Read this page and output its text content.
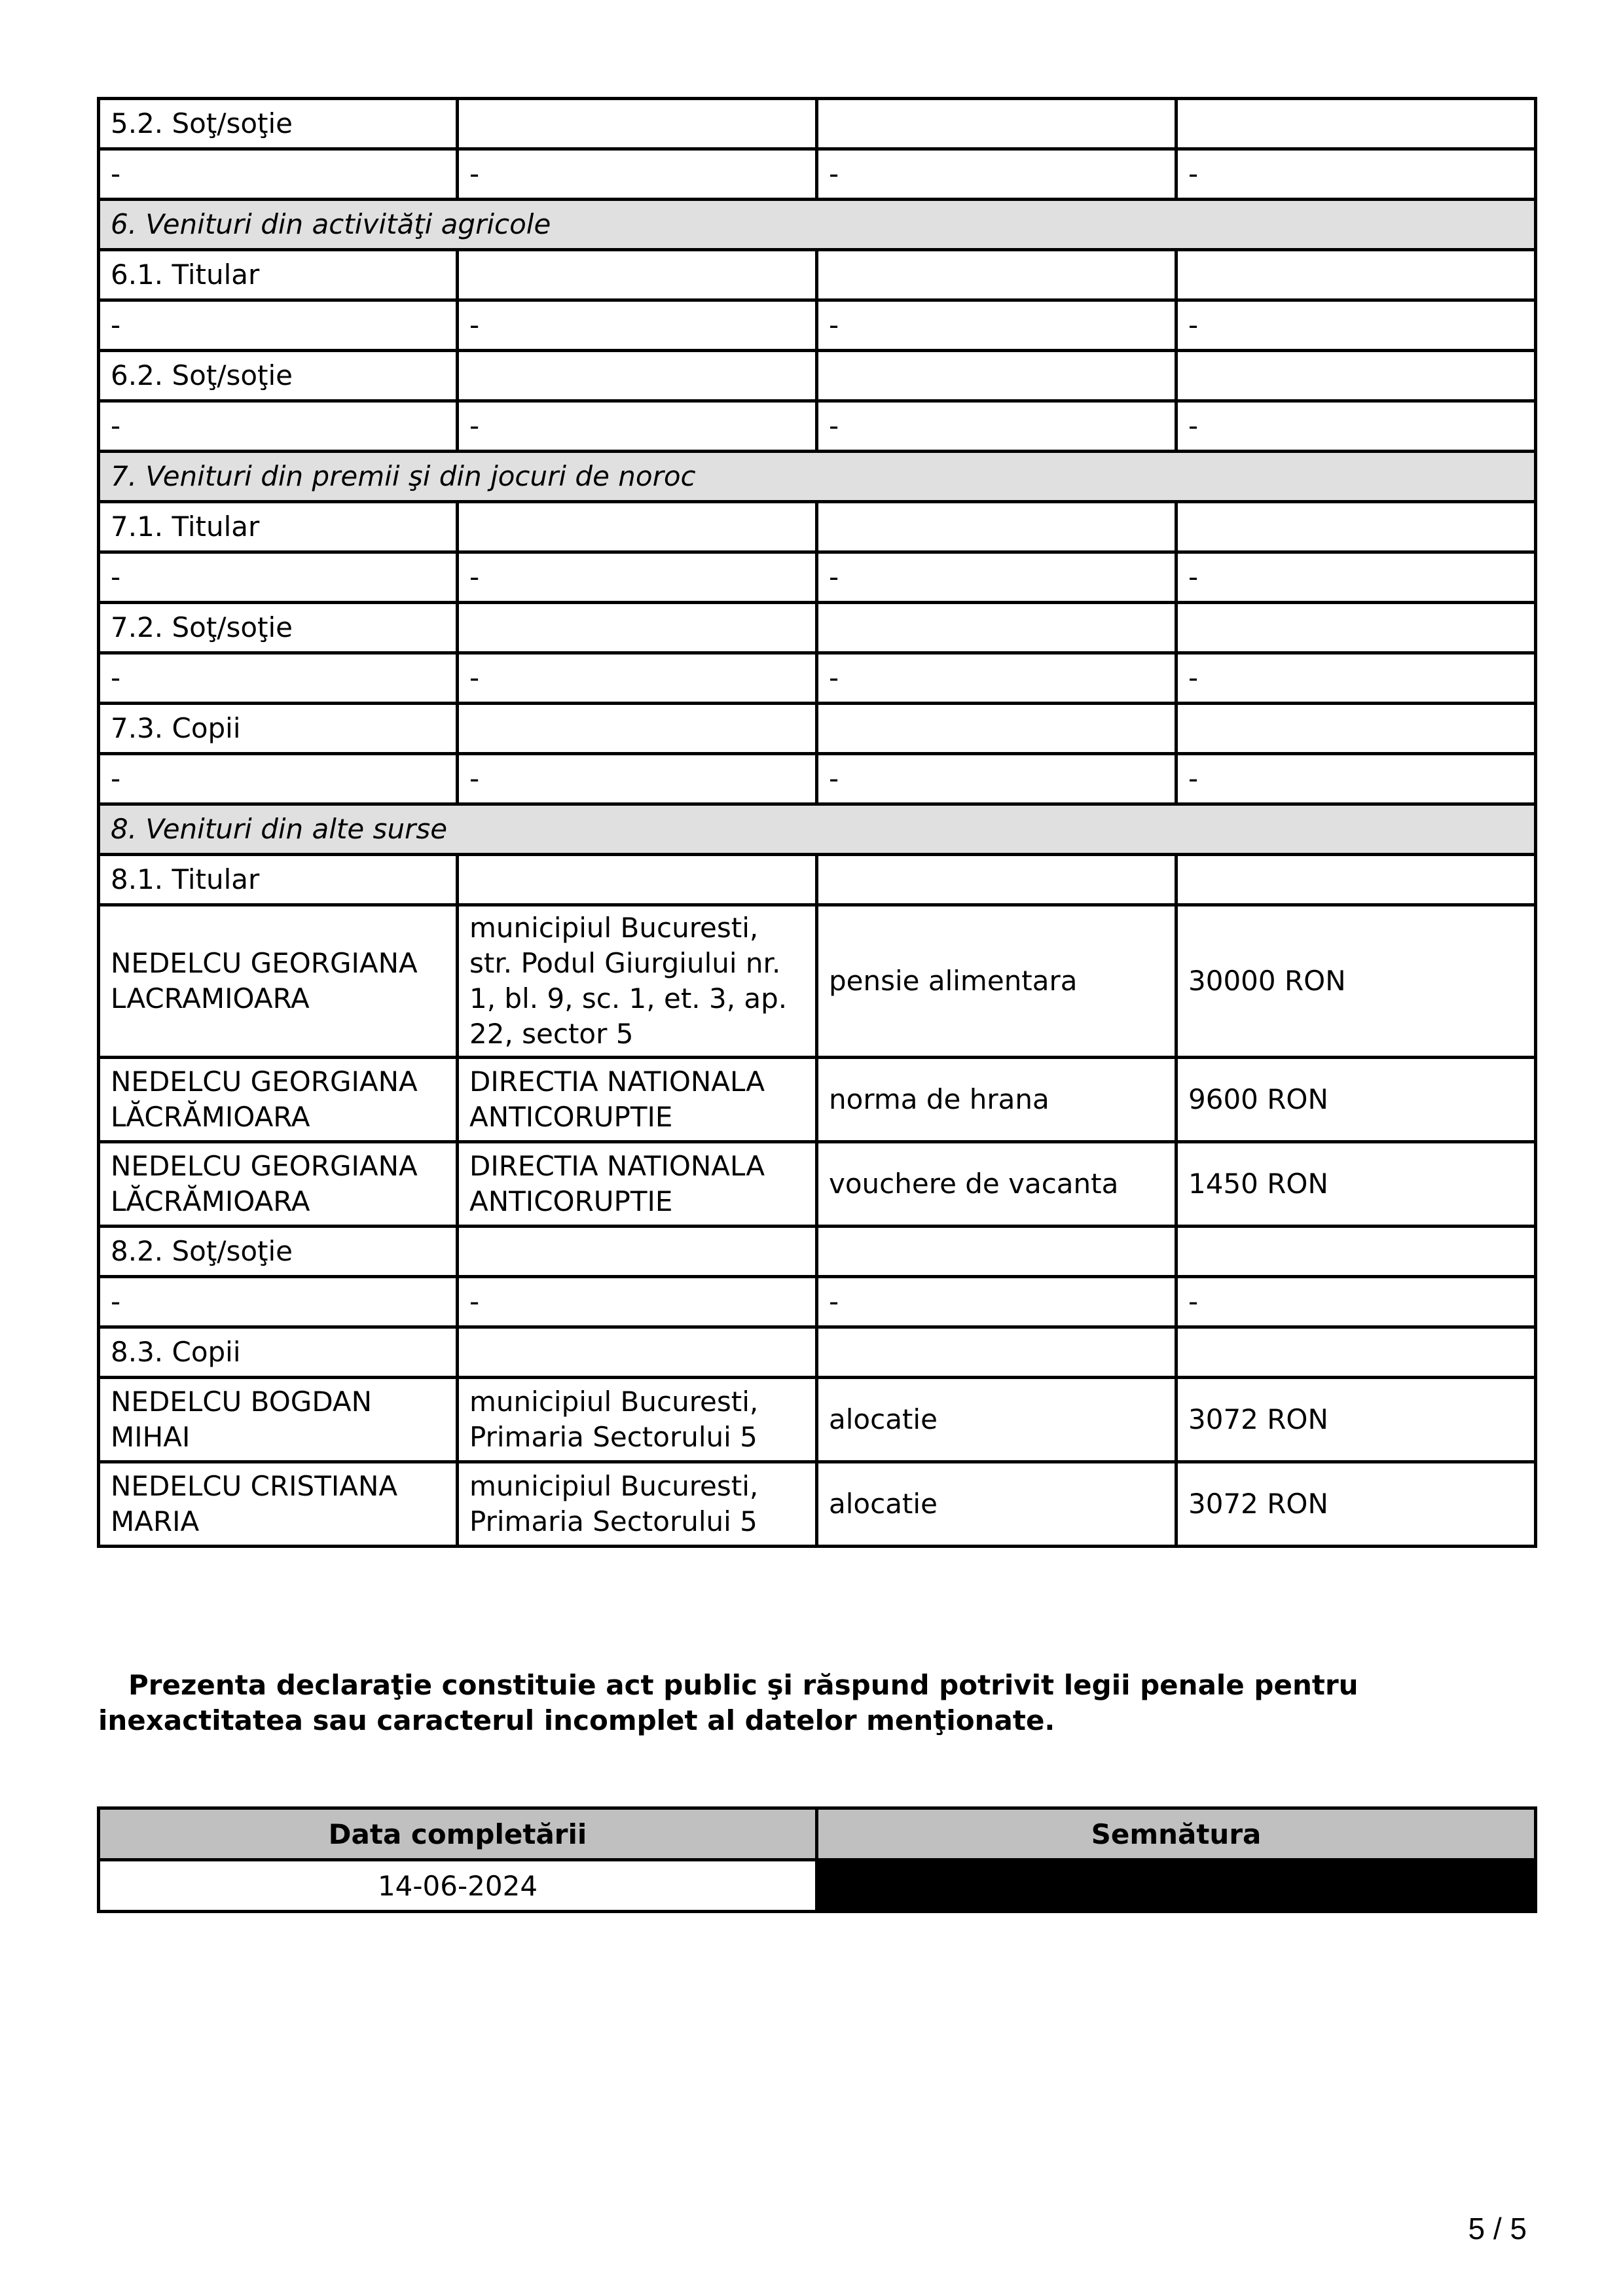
5.2. Soţ/soţie			
-	-	-	-
6. Venituri din activităţi agricole			
6.1. Titular			
-	-	-	-
6.2. Soţ/soţie			
-	-	-	-
7. Venituri din premii şi din jocuri de noroc			
7.1. Titular			
-	-	-	-
7.2. Soţ/soţie			
-	-	-	-
7.3. Copii			
-	-	-	-
8. Venituri din alte surse			
8.1. Titular			
NEDELCU GEORGIANA LACRAMIOARA	municipiul Bucuresti, str. Podul Giurgiului nr. 1, bl. 9, sc. 1, et. 3, ap. 22, sector 5	pensie alimentara	30000 RON
NEDELCU GEORGIANA LĂCRĂMIOARA	DIRECTIA NATIONALA ANTICORUPTIE	norma de hrana	9600 RON
NEDELCU GEORGIANA LĂCRĂMIOARA	DIRECTIA NATIONALA ANTICORUPTIE	vouchere de vacanta	1450 RON
8.2. Soţ/soţie			
-	-	-	-
8.3. Copii			
NEDELCU BOGDAN MIHAI	municipiul Bucuresti, Primaria Sectorului 5	alocatie	3072 RON
NEDELCU CRISTIANA MARIA	municipiul Bucuresti, Primaria Sectorului 5	alocatie	3072 RON
Prezenta declaraţie constituie act public şi răspund potrivit legii penale pentru inexactitatea sau caracterul incomplet al datelor menţionate.
Data completării	Semnătura
14-06-2024	
5 / 5
